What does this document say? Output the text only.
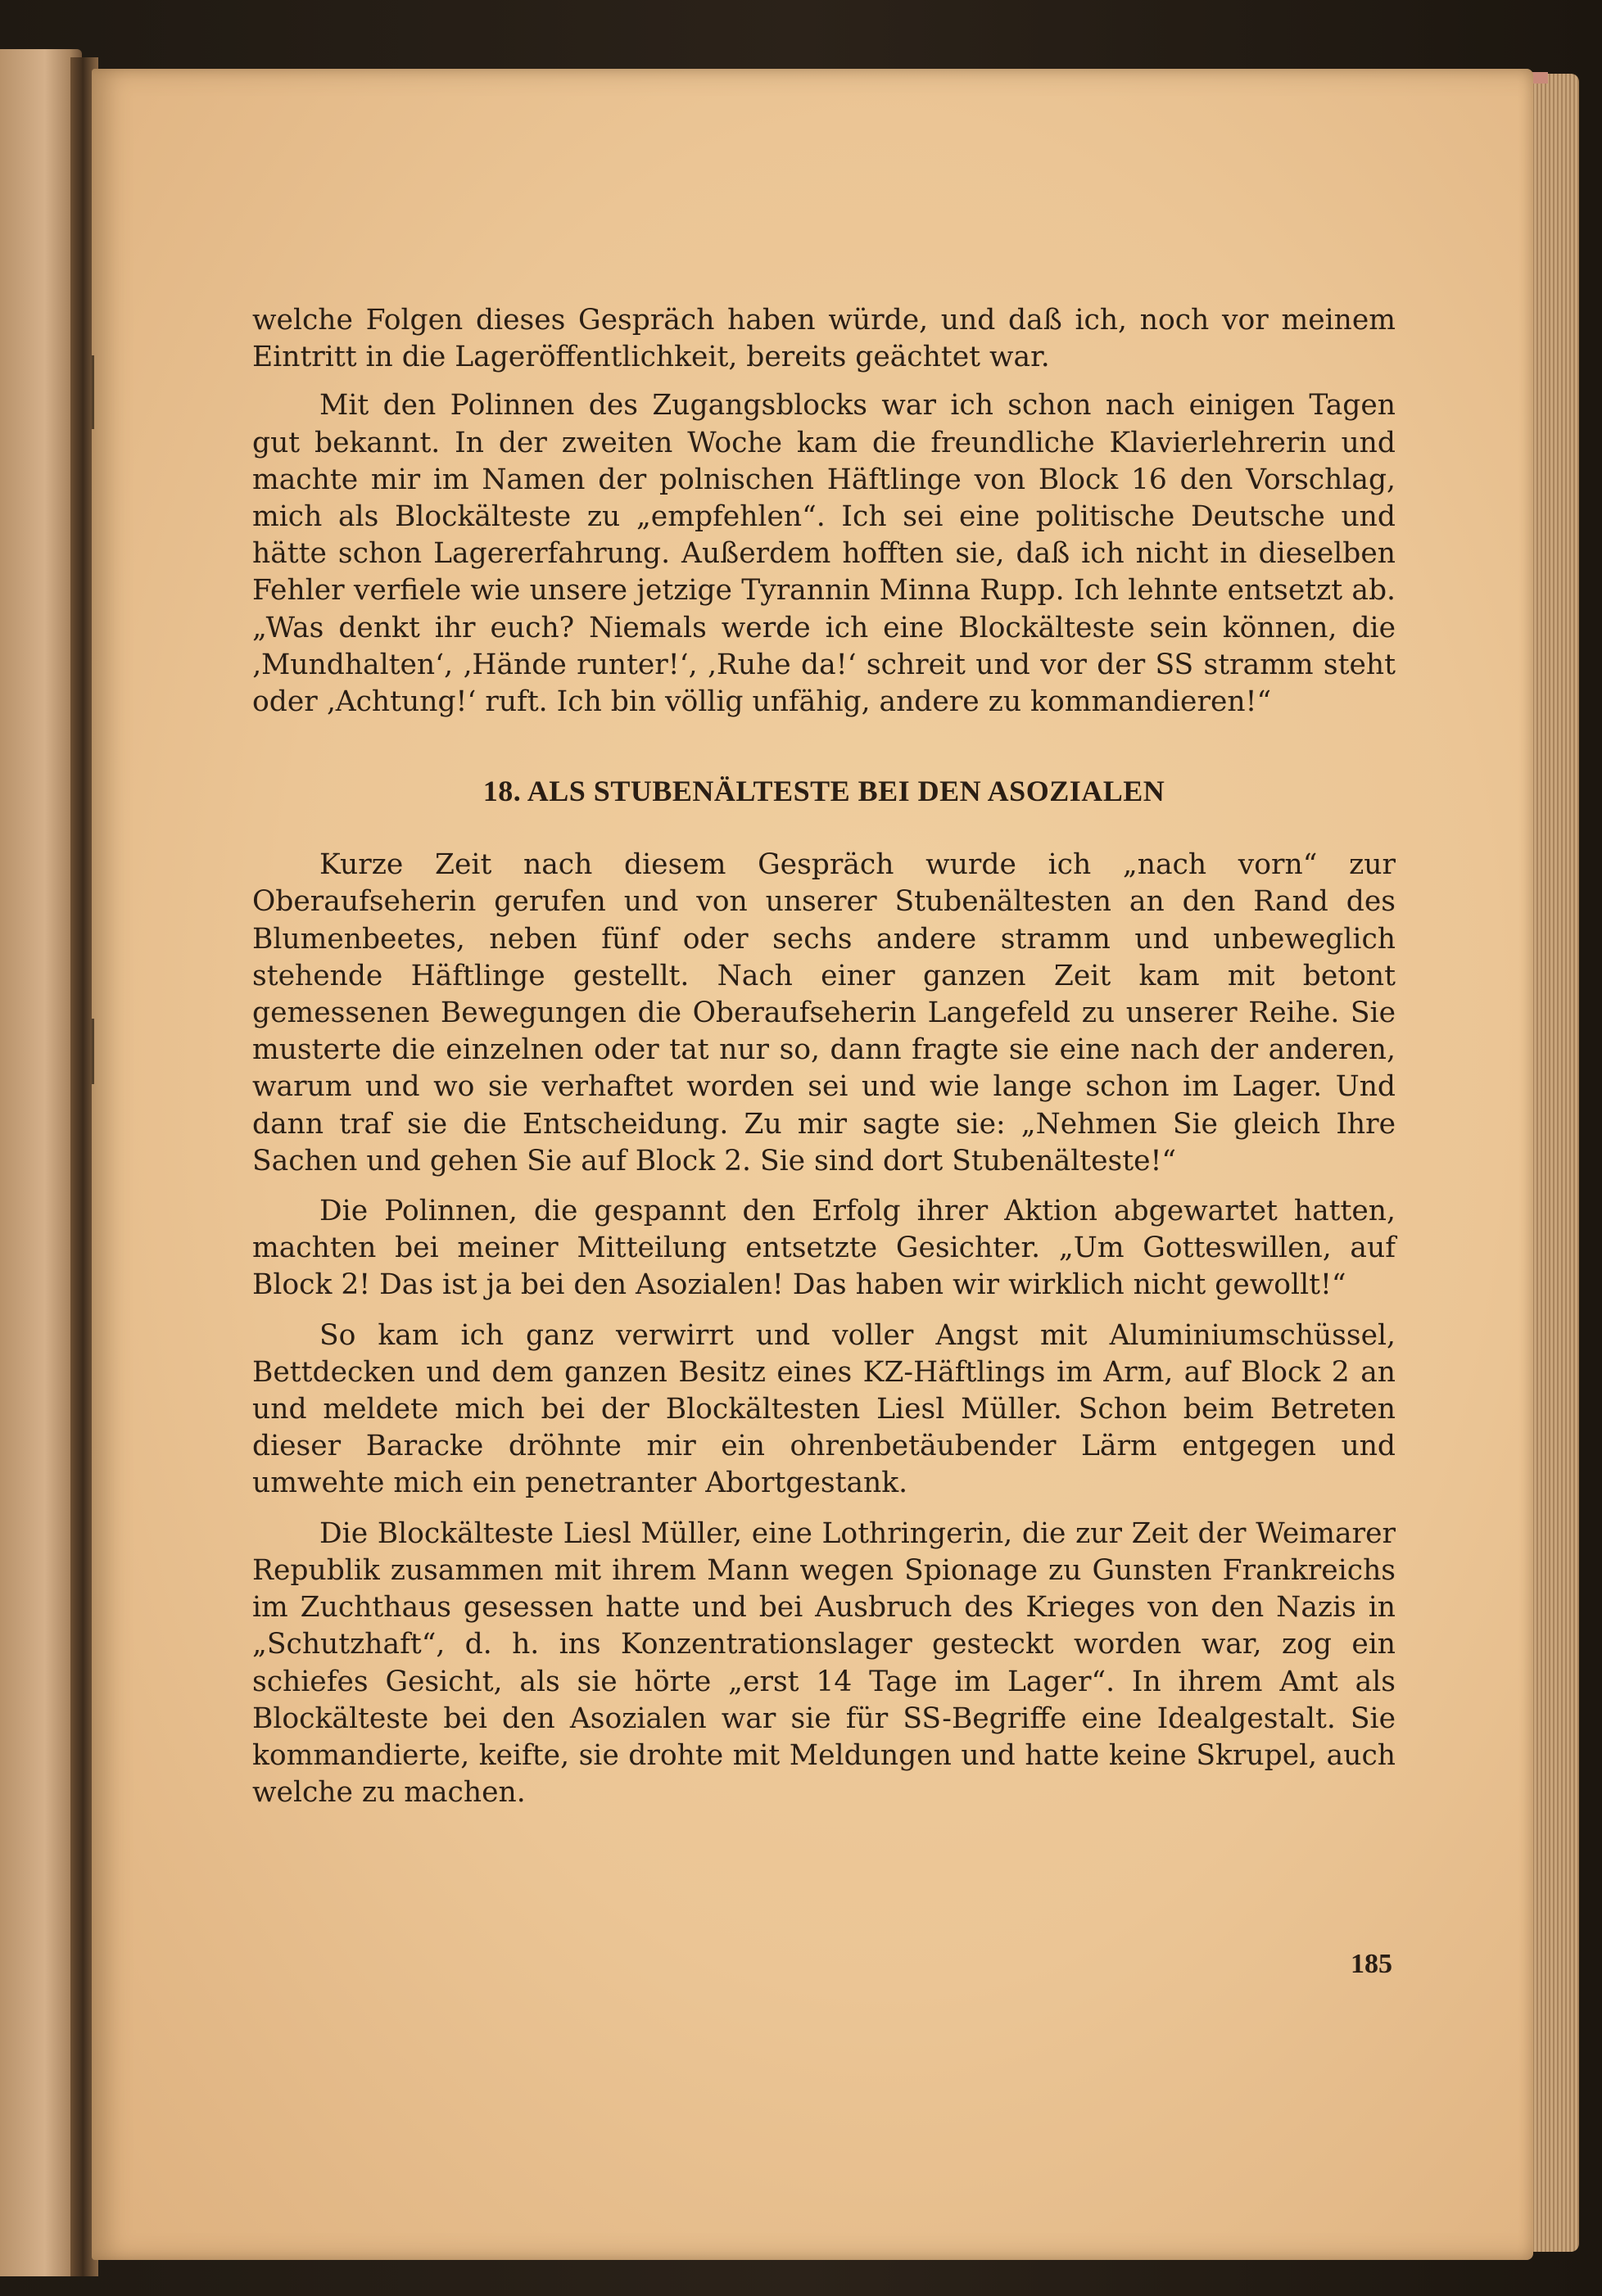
welche Folgen dieses Gespräch haben würde, und daß ich, noch vor meinem Eintritt in die Lageröffentlichkeit, bereits geächtet war.

Mit den Polinnen des Zugangsblocks war ich schon nach einigen Tagen gut bekannt. In der zweiten Woche kam die freundliche Klavierlehrerin und machte mir im Namen der polnischen Häftlinge von Block 16 den Vorschlag, mich als Blockälteste zu „empfehlen“. Ich sei eine politische Deutsche und hätte schon Lagererfahrung. Außerdem hofften sie, daß ich nicht in dieselben Fehler verfiele wie unsere jetzige Tyrannin Minna Rupp. Ich lehnte entsetzt ab. „Was denkt ihr euch? Niemals werde ich eine Blockälteste sein können, die ‚Mundhalten‘, ‚Hände runter!‘, ‚Ruhe da!‘ schreit und vor der SS stramm steht oder ‚Achtung!‘ ruft. Ich bin völlig unfähig, andere zu kommandieren!“

18. ALS STUBENÄLTESTE BEI DEN ASOZIALEN

Kurze Zeit nach diesem Gespräch wurde ich „nach vorn“ zur Oberaufseherin gerufen und von unserer Stubenältesten an den Rand des Blumenbeetes, neben fünf oder sechs andere stramm und unbeweglich stehende Häftlinge gestellt. Nach einer ganzen Zeit kam mit betont gemessenen Bewegungen die Oberaufseherin Langefeld zu unserer Reihe. Sie musterte die einzelnen oder tat nur so, dann fragte sie eine nach der anderen, warum und wo sie verhaftet worden sei und wie lange schon im Lager. Und dann traf sie die Entscheidung. Zu mir sagte sie: „Nehmen Sie gleich Ihre Sachen und gehen Sie auf Block 2. Sie sind dort Stubenälteste!“

Die Polinnen, die gespannt den Erfolg ihrer Aktion abgewartet hatten, machten bei meiner Mitteilung entsetzte Gesichter. „Um Gotteswillen, auf Block 2! Das ist ja bei den Asozialen! Das haben wir wirklich nicht gewollt!“

So kam ich ganz verwirrt und voller Angst mit Aluminiumschüssel, Bettdecken und dem ganzen Besitz eines KZ-Häftlings im Arm, auf Block 2 an und meldete mich bei der Blockältesten Liesl Müller. Schon beim Betreten dieser Baracke dröhnte mir ein ohrenbetäubender Lärm entgegen und umwehte mich ein penetranter Abortgestank.

Die Blockälteste Liesl Müller, eine Lothringerin, die zur Zeit der Weimarer Republik zusammen mit ihrem Mann wegen Spionage zu Gunsten Frankreichs im Zuchthaus gesessen hatte und bei Ausbruch des Krieges von den Nazis in „Schutzhaft“, d. h. ins Konzentrationslager gesteckt worden war, zog ein schiefes Gesicht, als sie hörte „erst 14 Tage im Lager“. In ihrem Amt als Blockälteste bei den Asozialen war sie für SS-Begriffe eine Idealgestalt. Sie kommandierte, keifte, sie drohte mit Meldungen und hatte keine Skrupel, auch welche zu machen.

185
